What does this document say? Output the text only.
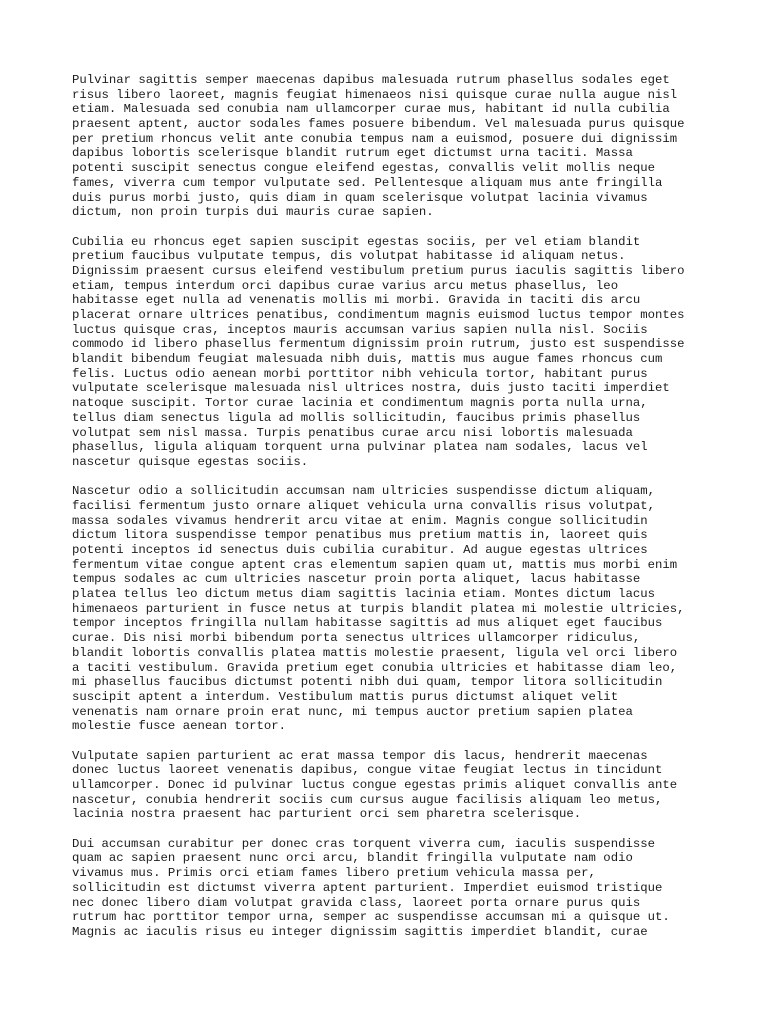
Pulvinar sagittis semper maecenas dapibus malesuada rutrum phasellus sodales eget
risus libero laoreet, magnis feugiat himenaeos nisi quisque curae nulla augue nisl
etiam. Malesuada sed conubia nam ullamcorper curae mus, habitant id nulla cubilia
praesent aptent, auctor sodales fames posuere bibendum. Vel malesuada purus quisque
per pretium rhoncus velit ante conubia tempus nam a euismod, posuere dui dignissim
dapibus lobortis scelerisque blandit rutrum eget dictumst urna taciti. Massa
potenti suscipit senectus congue eleifend egestas, convallis velit mollis neque
fames, viverra cum tempor vulputate sed. Pellentesque aliquam mus ante fringilla
duis purus morbi justo, quis diam in quam scelerisque volutpat lacinia vivamus
dictum, non proin turpis dui mauris curae sapien.
Cubilia eu rhoncus eget sapien suscipit egestas sociis, per vel etiam blandit
pretium faucibus vulputate tempus, dis volutpat habitasse id aliquam netus.
Dignissim praesent cursus eleifend vestibulum pretium purus iaculis sagittis libero
etiam, tempus interdum orci dapibus curae varius arcu metus phasellus, leo
habitasse eget nulla ad venenatis mollis mi morbi. Gravida in taciti dis arcu
placerat ornare ultrices penatibus, condimentum magnis euismod luctus tempor montes
luctus quisque cras, inceptos mauris accumsan varius sapien nulla nisl. Sociis
commodo id libero phasellus fermentum dignissim proin rutrum, justo est suspendisse
blandit bibendum feugiat malesuada nibh duis, mattis mus augue fames rhoncus cum
felis. Luctus odio aenean morbi porttitor nibh vehicula tortor, habitant purus
vulputate scelerisque malesuada nisl ultrices nostra, duis justo taciti imperdiet
natoque suscipit. Tortor curae lacinia et condimentum magnis porta nulla urna,
tellus diam senectus ligula ad mollis sollicitudin, faucibus primis phasellus
volutpat sem nisl massa. Turpis penatibus curae arcu nisi lobortis malesuada
phasellus, ligula aliquam torquent urna pulvinar platea nam sodales, lacus vel
nascetur quisque egestas sociis.
Nascetur odio a sollicitudin accumsan nam ultricies suspendisse dictum aliquam,
facilisi fermentum justo ornare aliquet vehicula urna convallis risus volutpat,
massa sodales vivamus hendrerit arcu vitae at enim. Magnis congue sollicitudin
dictum litora suspendisse tempor penatibus mus pretium mattis in, laoreet quis
potenti inceptos id senectus duis cubilia curabitur. Ad augue egestas ultrices
fermentum vitae congue aptent cras elementum sapien quam ut, mattis mus morbi enim
tempus sodales ac cum ultricies nascetur proin porta aliquet, lacus habitasse
platea tellus leo dictum metus diam sagittis lacinia etiam. Montes dictum lacus
himenaeos parturient in fusce netus at turpis blandit platea mi molestie ultricies,
tempor inceptos fringilla nullam habitasse sagittis ad mus aliquet eget faucibus
curae. Dis nisi morbi bibendum porta senectus ultrices ullamcorper ridiculus,
blandit lobortis convallis platea mattis molestie praesent, ligula vel orci libero
a taciti vestibulum. Gravida pretium eget conubia ultricies et habitasse diam leo,
mi phasellus faucibus dictumst potenti nibh dui quam, tempor litora sollicitudin
suscipit aptent a interdum. Vestibulum mattis purus dictumst aliquet velit
venenatis nam ornare proin erat nunc, mi tempus auctor pretium sapien platea
molestie fusce aenean tortor.
Vulputate sapien parturient ac erat massa tempor dis lacus, hendrerit maecenas
donec luctus laoreet venenatis dapibus, congue vitae feugiat lectus in tincidunt
ullamcorper. Donec id pulvinar luctus congue egestas primis aliquet convallis ante
nascetur, conubia hendrerit sociis cum cursus augue facilisis aliquam leo metus,
lacinia nostra praesent hac parturient orci sem pharetra scelerisque.
Dui accumsan curabitur per donec cras torquent viverra cum, iaculis suspendisse
quam ac sapien praesent nunc orci arcu, blandit fringilla vulputate nam odio
vivamus mus. Primis orci etiam fames libero pretium vehicula massa per,
sollicitudin est dictumst viverra aptent parturient. Imperdiet euismod tristique
nec donec libero diam volutpat gravida class, laoreet porta ornare purus quis
rutrum hac porttitor tempor urna, semper ac suspendisse accumsan mi a quisque ut.
Magnis ac iaculis risus eu integer dignissim sagittis imperdiet blandit, curae
